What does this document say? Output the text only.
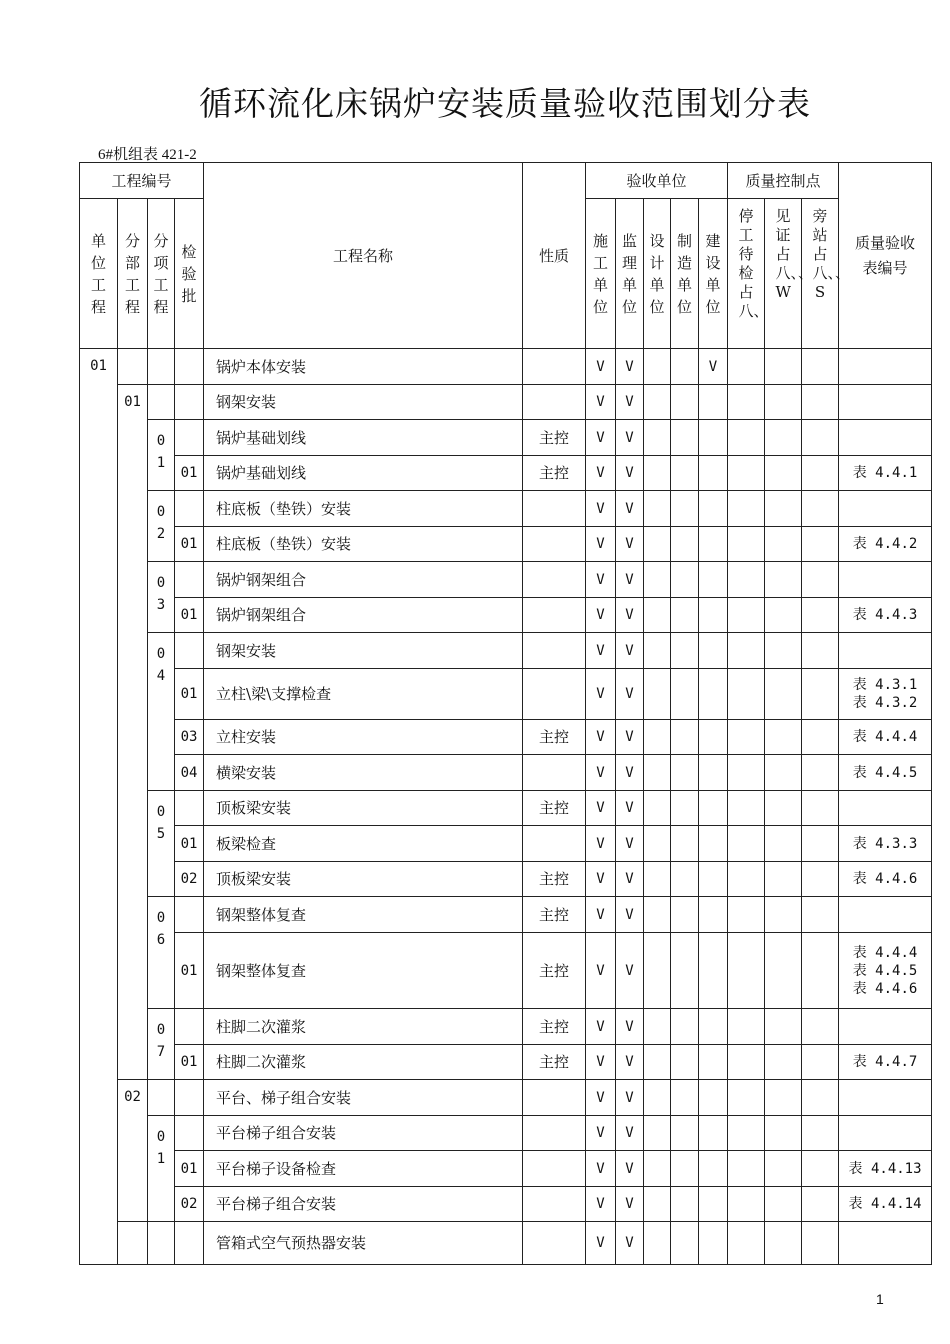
循环流化床锅炉安装质量验收范围划分表
6#机组表 421-2
工程编号				工程名称	性质	验收单位					质量控制点			质量验收表编号
单位工程	分部工程	分项工程	检验批			施工单位	监理单位	设计单位	制造单位	建设单位	停工待检占八、	见证占八、、W	旁站占八、、S	
01				锅炉本体安装		V	V			V				
	01			钢架安装		V	V							
		01		锅炉基础划线	主控	V	V							
			01	锅炉基础划线	主控	V	V							表 4.4.1
		02		柱底板（垫铁）安装		V	V							
			01	柱底板（垫铁）安装		V	V							表 4.4.2
		03		锅炉钢架组合		V	V							
			01	锅炉钢架组合		V	V							表 4.4.3
		04		钢架安装		V	V							
			01	立柱\梁\支撑检查		V	V							表 4.3.1
表 4.3.2
			03	立柱安装	主控	V	V							表 4.4.4
			04	横梁安装		V	V							表 4.4.5
		05		顶板梁安装	主控	V	V							
			01	板梁检查		V	V							表 4.3.3
			02	顶板梁安装	主控	V	V							表 4.4.6
		06		钢架整体复查	主控	V	V							
			01	钢架整体复查	主控	V	V							表 4.4.4
表 4.4.5
表 4.4.6
		07		柱脚二次灌浆	主控	V	V							
			01	柱脚二次灌浆	主控	V	V							表 4.4.7
	02			平台、梯子组合安装		V	V							
		01		平台梯子组合安装		V	V							
			01	平台梯子设备检查		V	V							表 4.4.13
			02	平台梯子组合安装		V	V							表 4.4.14
				管箱式空气预热器安装		V	V							
1
